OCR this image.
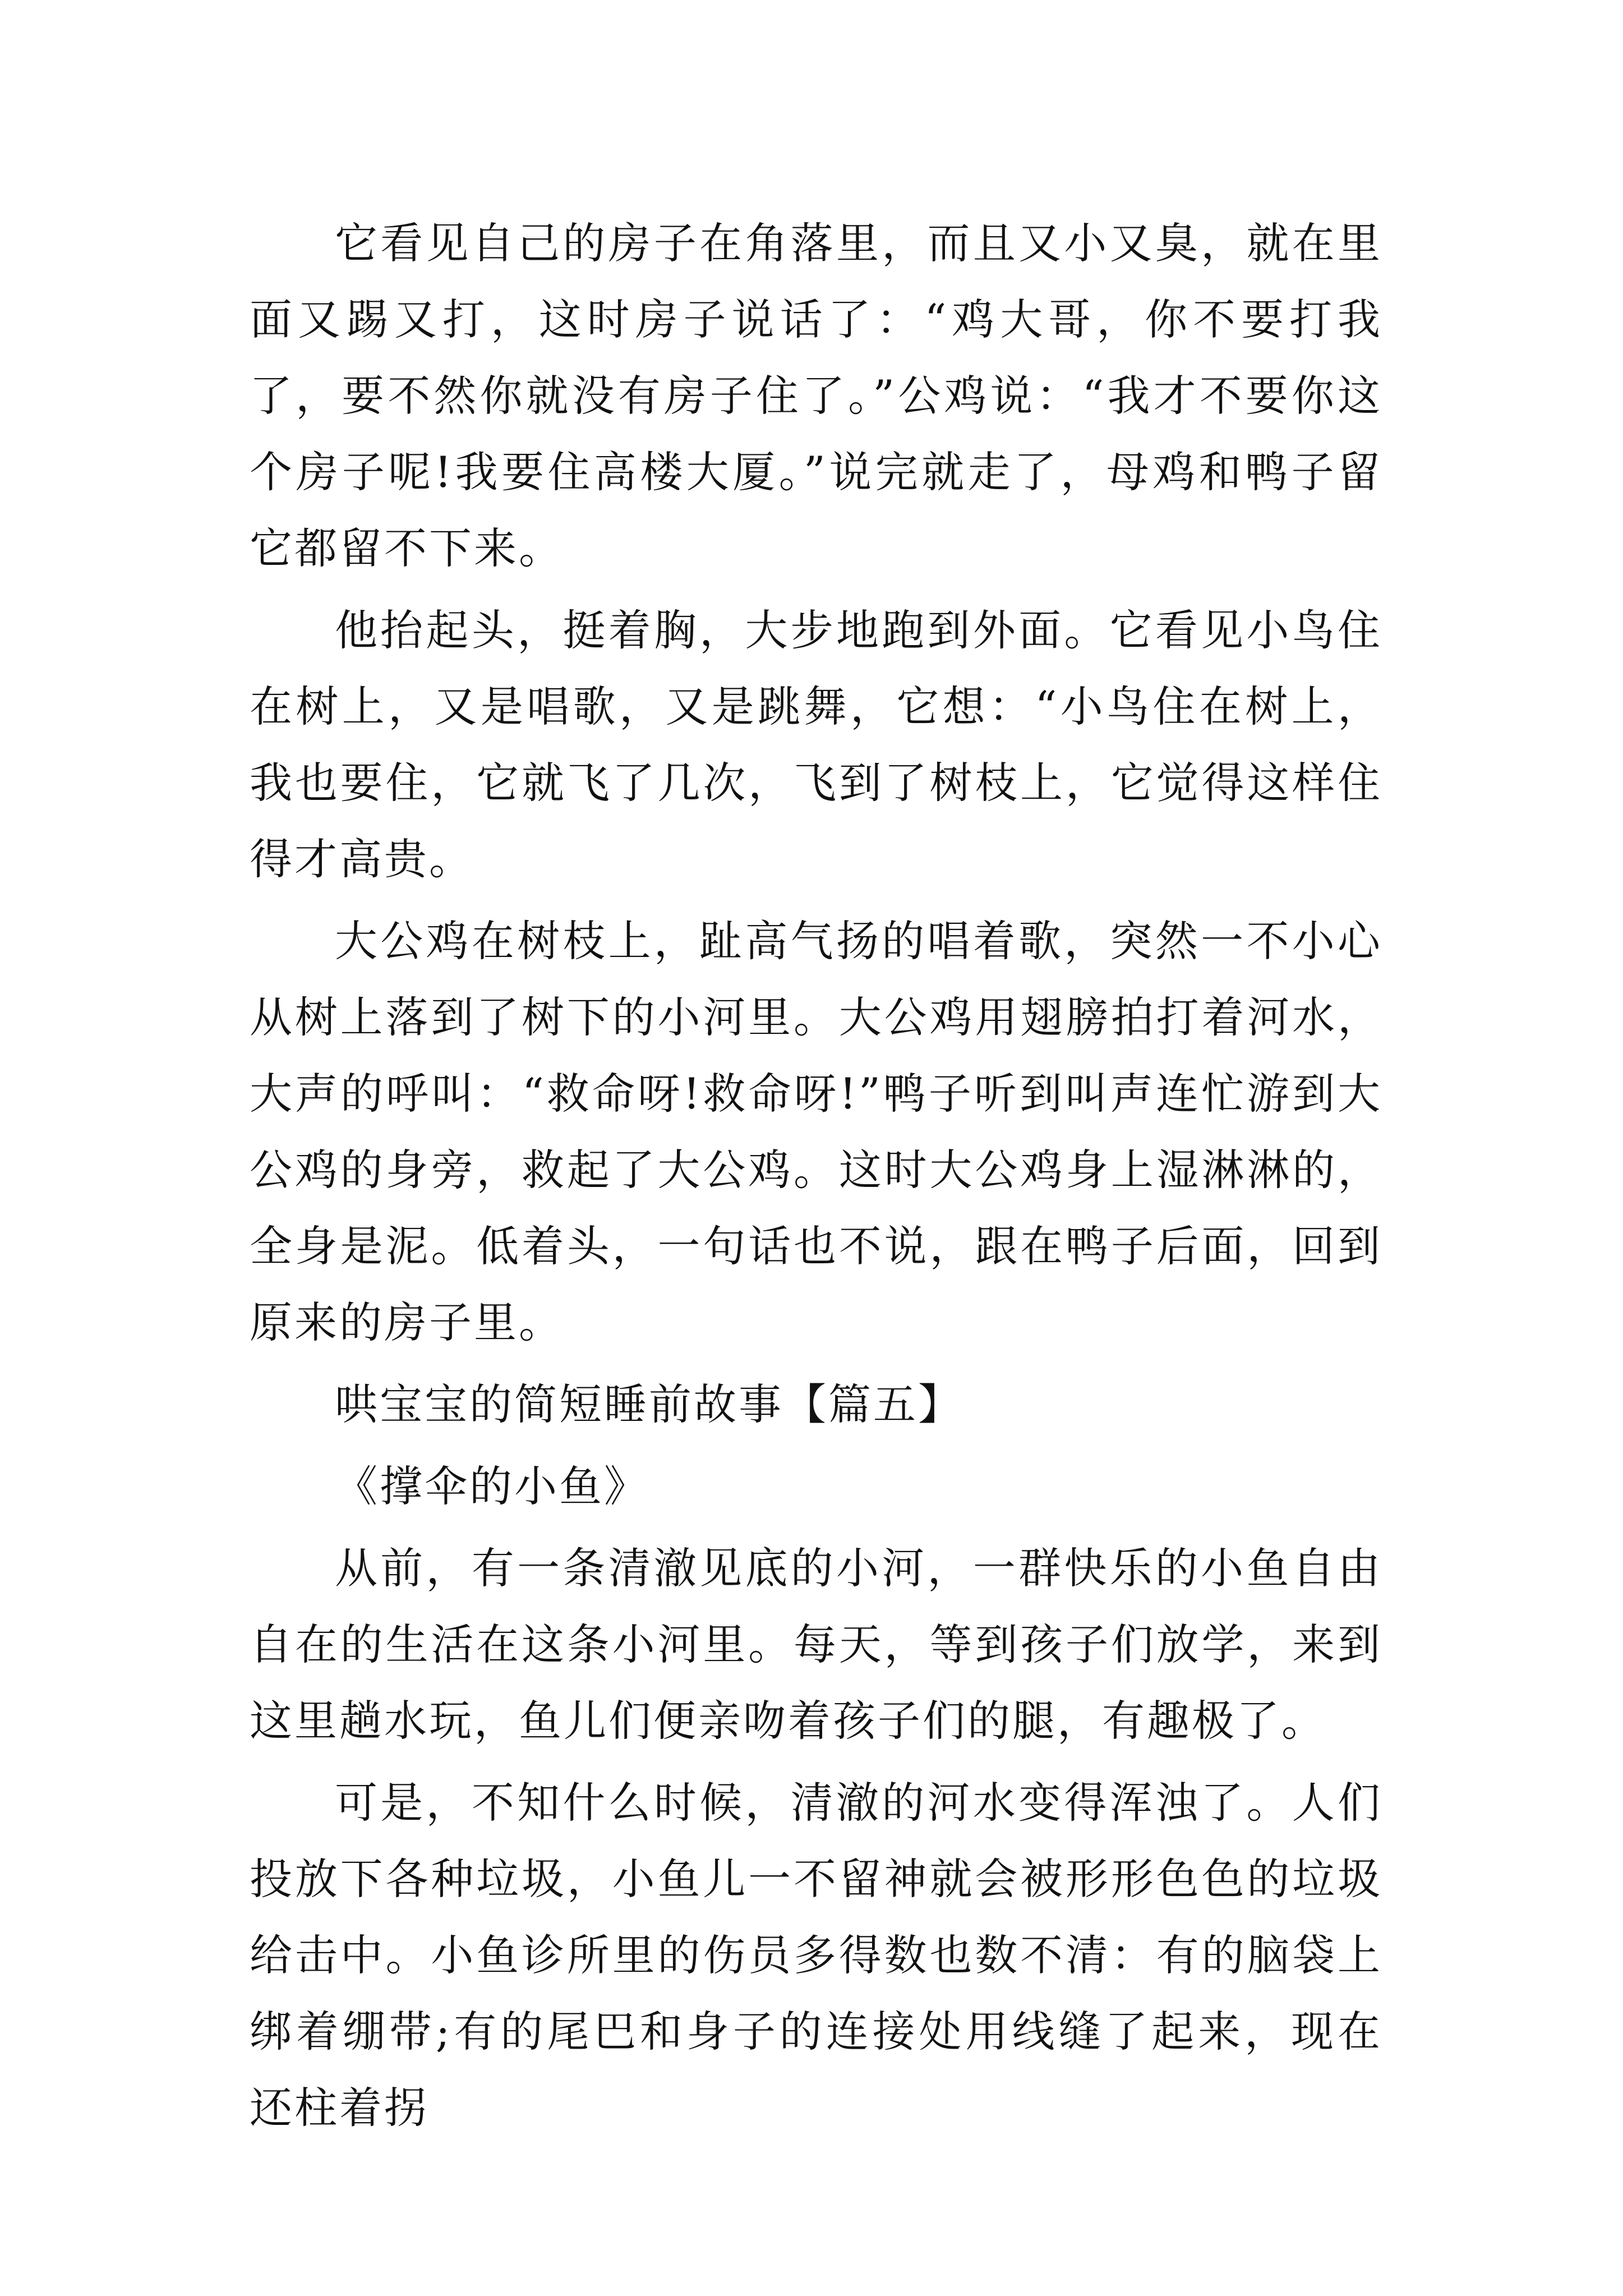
它看见自己的房子在角落里，而且又小又臭，就在里面又踢又打，这时房子说话了：“鸡大哥，你不要打我了，要不然你就没有房子住了。”公鸡说：“我才不要你这个房子呢!我要住高楼大厦。”说完就走了，母鸡和鸭子留它都留不下来。

他抬起头，挺着胸，大步地跑到外面。它看见小鸟住在树上，又是唱歌，又是跳舞，它想：“小鸟住在树上，我也要住，它就飞了几次，飞到了树枝上，它觉得这样住得才高贵。

大公鸡在树枝上，趾高气扬的唱着歌，突然一不小心从树上落到了树下的小河里。大公鸡用翅膀拍打着河水，大声的呼叫：“救命呀!救命呀!”鸭子听到叫声连忙游到大公鸡的身旁，救起了大公鸡。这时大公鸡身上湿淋淋的，全身是泥。低着头，一句话也不说，跟在鸭子后面，回到原来的房子里。

哄宝宝的简短睡前故事【篇五】

《撑伞的小鱼》

从前，有一条清澈见底的小河，一群快乐的小鱼自由自在的生活在这条小河里。每天，等到孩子们放学，来到这里趟水玩，鱼儿们便亲吻着孩子们的腿，有趣极了。

可是，不知什么时候，清澈的河水变得浑浊了。人们投放下各种垃圾，小鱼儿一不留神就会被形形色色的垃圾给击中。小鱼诊所里的伤员多得数也数不清：有的脑袋上绑着绷带;有的尾巴和身子的连接处用线缝了起来，现在还柱着拐
